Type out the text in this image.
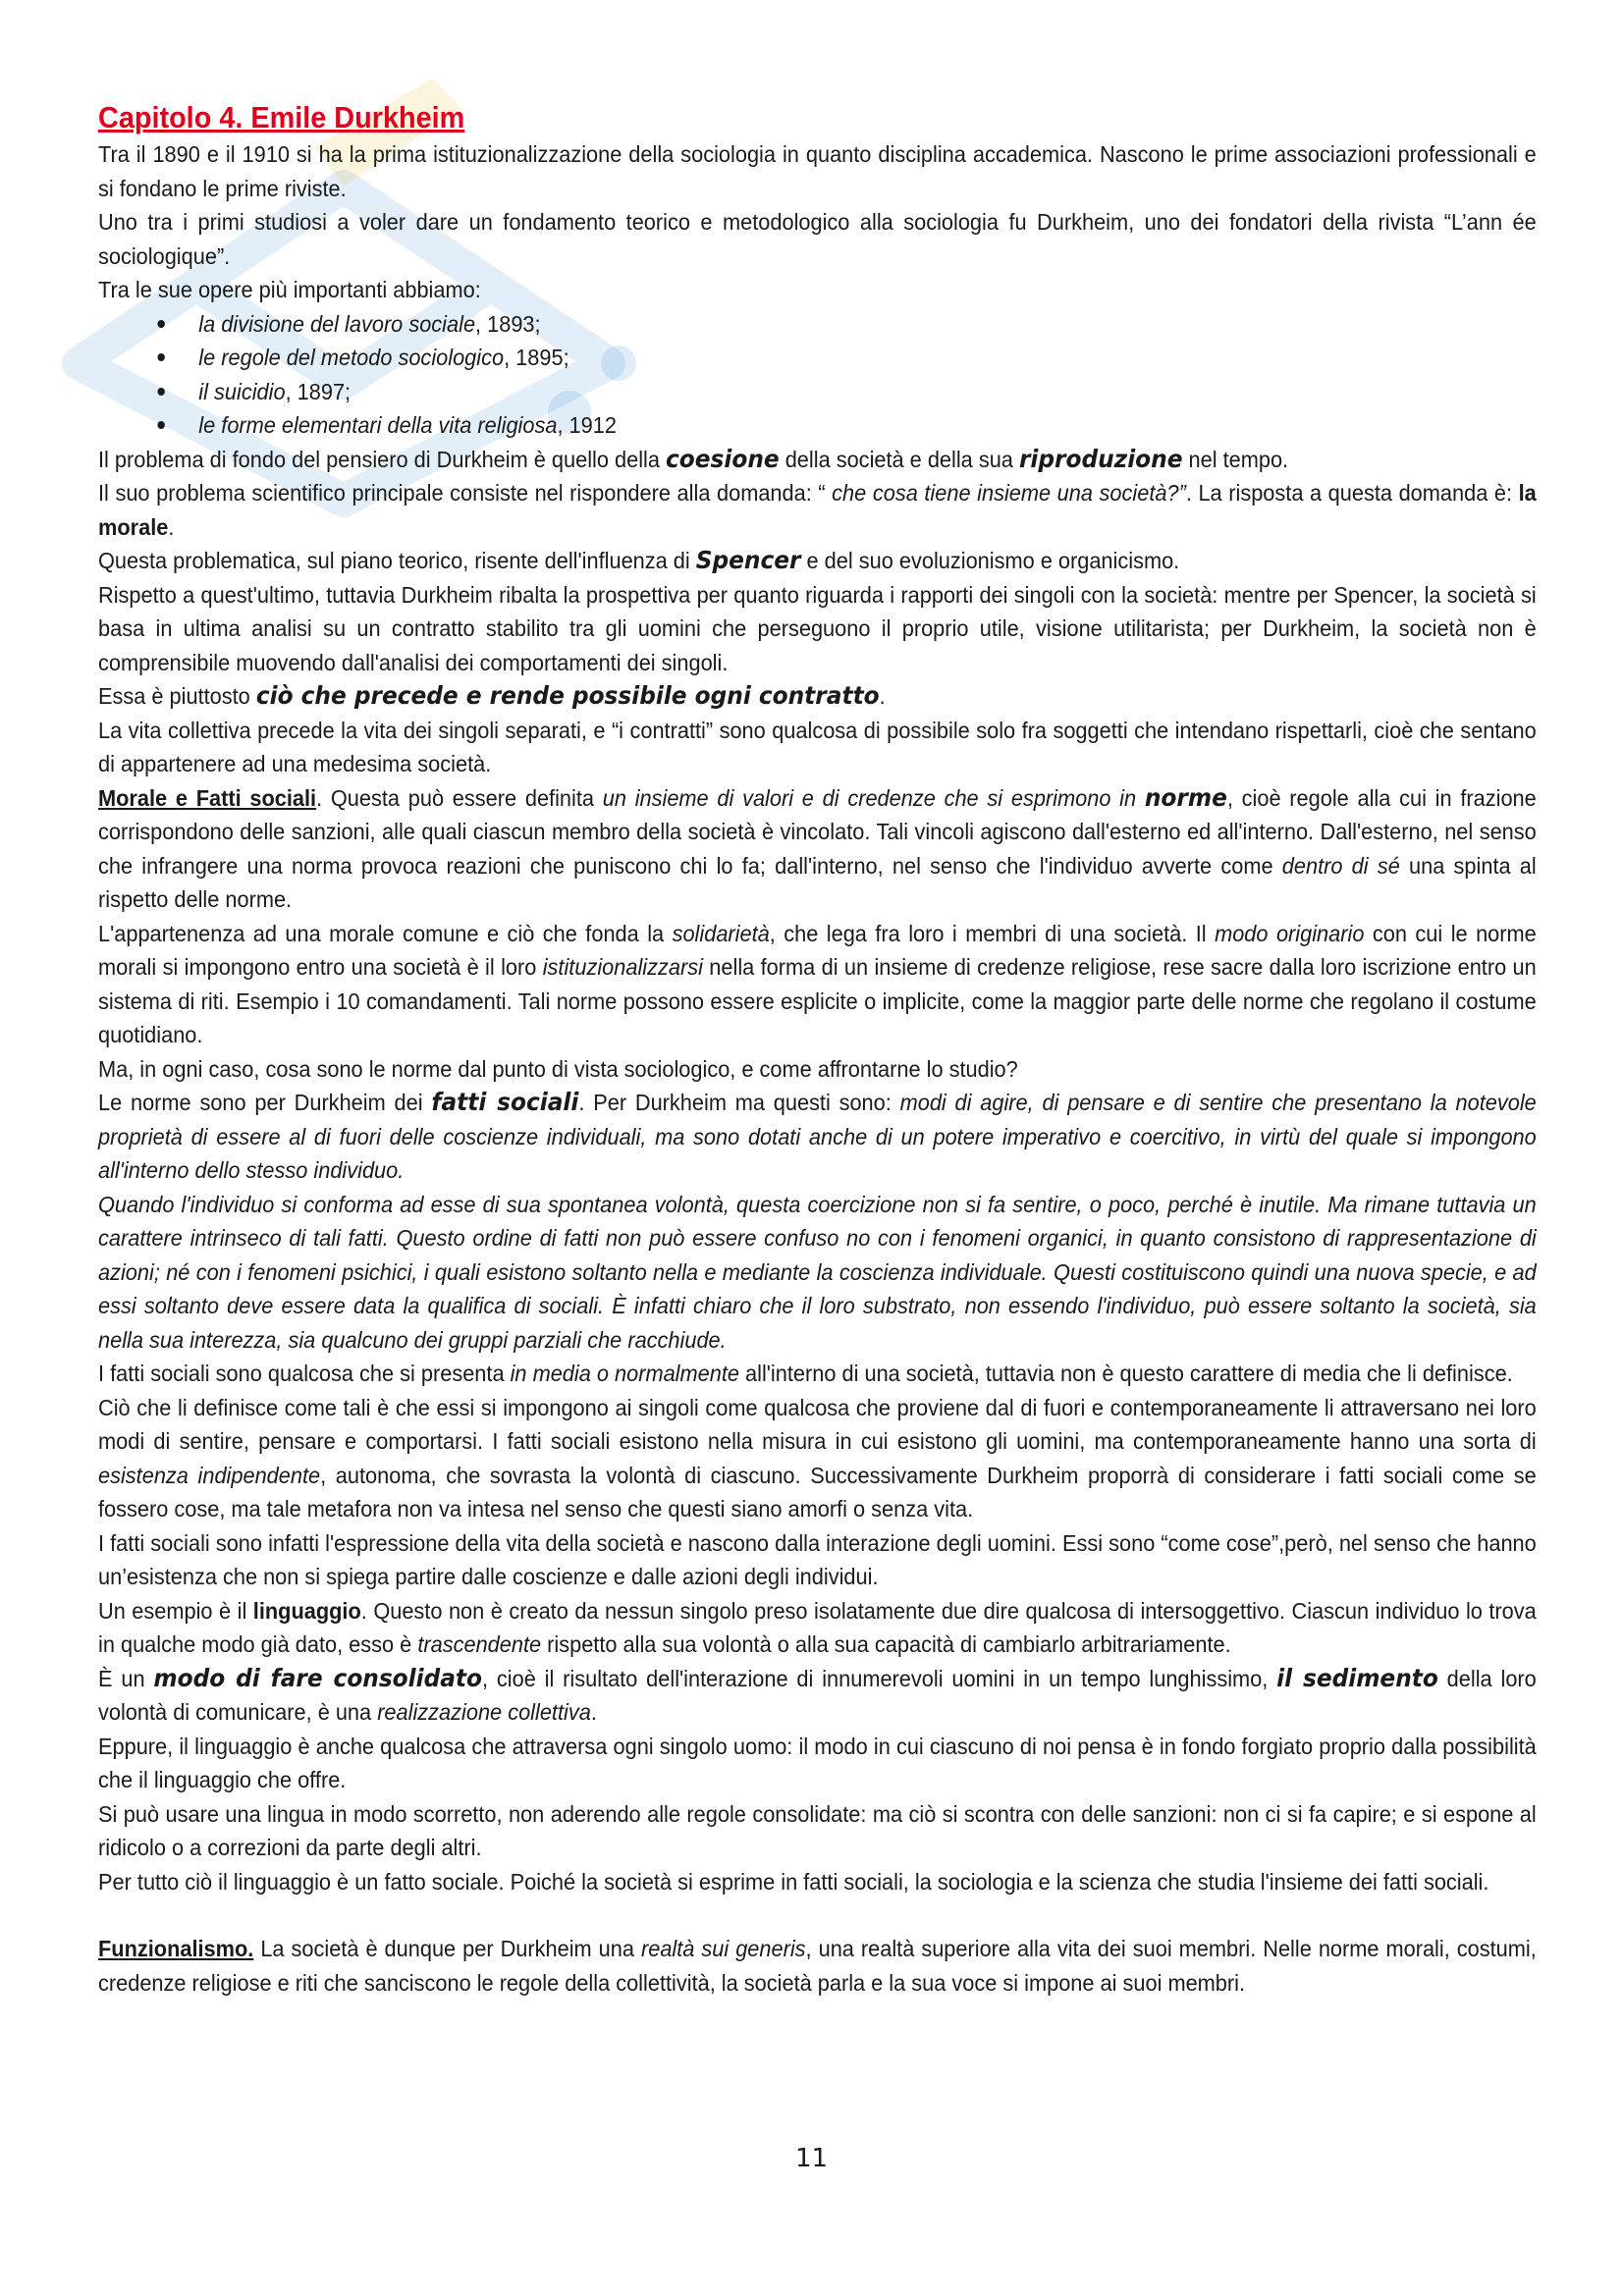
Capitolo 4. Emile Durkheim

Tra il 1890 e il 1910 si ha la prima istituzionalizzazione della sociologia in quanto disciplina accademica. Nascono le prime associazioni professionali e si fondano le prime riviste.

Uno tra i primi studiosi a voler dare un fondamento teorico e metodologico alla sociologia fu Durkheim, uno dei fondatori della rivista “L’ann ée sociologique”.

Tra le sue opere più importanti abbiamo:

la divisione del lavoro sociale, 1893;
le regole del metodo sociologico, 1895;
il suicidio, 1897;
le forme elementari della vita religiosa, 1912

Il problema di fondo del pensiero di Durkheim è quello della coesione della società e della sua riproduzione nel tempo.

Il suo problema scientifico principale consiste nel rispondere alla domanda: “ che cosa tiene insieme una società?”. La risposta a questa domanda è: la morale.

Questa problematica, sul piano teorico, risente dell'influenza di Spencer e del suo evoluzionismo e organicismo.

Rispetto a quest'ultimo, tuttavia Durkheim ribalta la prospettiva per quanto riguarda i rapporti dei singoli con la società: mentre per Spencer, la società si basa in ultima analisi su un contratto stabilito tra gli uomini che perseguono il proprio utile, visione utilitarista; per Durkheim, la società non è comprensibile muovendo dall'analisi dei comportamenti dei singoli.

Essa è piuttosto ciò che precede e rende possibile ogni contratto.

La vita collettiva precede la vita dei singoli separati, e “i contratti” sono qualcosa di possibile solo fra soggetti che intendano rispettarli, cioè che sentano di appartenere ad una medesima società.

Morale e Fatti sociali. Questa può essere definita un insieme di valori e di credenze che si esprimono in norme, cioè regole alla cui in frazione corrispondono delle sanzioni, alle quali ciascun membro della società è vincolato. Tali vincoli agiscono dall'esterno ed all'interno. Dall'esterno, nel senso che infrangere una norma provoca reazioni che puniscono chi lo fa; dall'interno, nel senso che l'individuo avverte come dentro di sé una spinta al rispetto delle norme.

L'appartenenza ad una morale comune e ciò che fonda la solidarietà, che lega fra loro i membri di una società. Il modo originario con cui le norme morali si impongono entro una società è il loro istituzionalizzarsi nella forma di un insieme di credenze religiose, rese sacre dalla loro iscrizione entro un sistema di riti. Esempio i 10 comandamenti. Tali norme possono essere esplicite o implicite, come la maggior parte delle norme che regolano il costume quotidiano.

Ma, in ogni caso, cosa sono le norme dal punto di vista sociologico, e come affrontarne lo studio?

Le norme sono per Durkheim dei fatti sociali. Per Durkheim ma questi sono: modi di agire, di pensare e di sentire che presentano la notevole proprietà di essere al di fuori delle coscienze individuali, ma sono dotati anche di un potere imperativo e coercitivo, in virtù del quale si impongono all'interno dello stesso individuo.

Quando l'individuo si conforma ad esse di sua spontanea volontà, questa coercizione non si fa sentire, o poco, perché è inutile. Ma rimane tuttavia un carattere intrinseco di tali fatti. Questo ordine di fatti non può essere confuso no con i fenomeni organici, in quanto consistono di rappresentazione di azioni; né con i fenomeni psichici, i quali esistono soltanto nella e mediante la coscienza individuale. Questi costituiscono quindi una nuova specie, e ad essi soltanto deve essere data la qualifica di sociali. È infatti chiaro che il loro substrato, non essendo l'individuo, può essere soltanto la società, sia nella sua interezza, sia qualcuno dei gruppi parziali che racchiude.

I fatti sociali sono qualcosa che si presenta in media o normalmente all'interno di una società, tuttavia non è questo carattere di media che li definisce.

Ciò che li definisce come tali è che essi si impongono ai singoli come qualcosa che proviene dal di fuori e contemporaneamente li attraversano nei loro modi di sentire, pensare e comportarsi. I fatti sociali esistono nella misura in cui esistono gli uomini, ma contemporaneamente hanno una sorta di esistenza indipendente, autonoma, che sovrasta la volontà di ciascuno. Successivamente Durkheim proporrà di considerare i fatti sociali come se fossero cose, ma tale metafora non va intesa nel senso che questi siano amorfi o senza vita.

I fatti sociali sono infatti l'espressione della vita della società e nascono dalla interazione degli uomini. Essi sono “come cose”,però, nel senso che hanno un’esistenza che non si spiega partire dalle coscienze e dalle azioni degli individui.

Un esempio è il linguaggio. Questo non è creato da nessun singolo preso isolatamente due dire qualcosa di intersoggettivo. Ciascun individuo lo trova in qualche modo già dato, esso è trascendente rispetto alla sua volontà o alla sua capacità di cambiarlo arbitrariamente.

È un modo di fare consolidato, cioè il risultato dell'interazione di innumerevoli uomini in un tempo lunghissimo, il sedimento della loro volontà di comunicare, è una realizzazione collettiva.

Eppure, il linguaggio è anche qualcosa che attraversa ogni singolo uomo: il modo in cui ciascuno di noi pensa è in fondo forgiato proprio dalla possibilità che il linguaggio che offre.

Si può usare una lingua in modo scorretto, non aderendo alle regole consolidate: ma ciò si scontra con delle sanzioni: non ci si fa capire; e si espone al ridicolo o a correzioni da parte degli altri.

Per tutto ciò il linguaggio è un fatto sociale. Poiché la società si esprime in fatti sociali, la sociologia e la scienza che studia l'insieme dei fatti sociali.

Funzionalismo. La società è dunque per Durkheim una realtà sui generis, una realtà superiore alla vita dei suoi membri. Nelle norme morali, costumi, credenze religiose e riti che sanciscono le regole della collettività, la società parla e la sua voce si impone ai suoi membri.

11
